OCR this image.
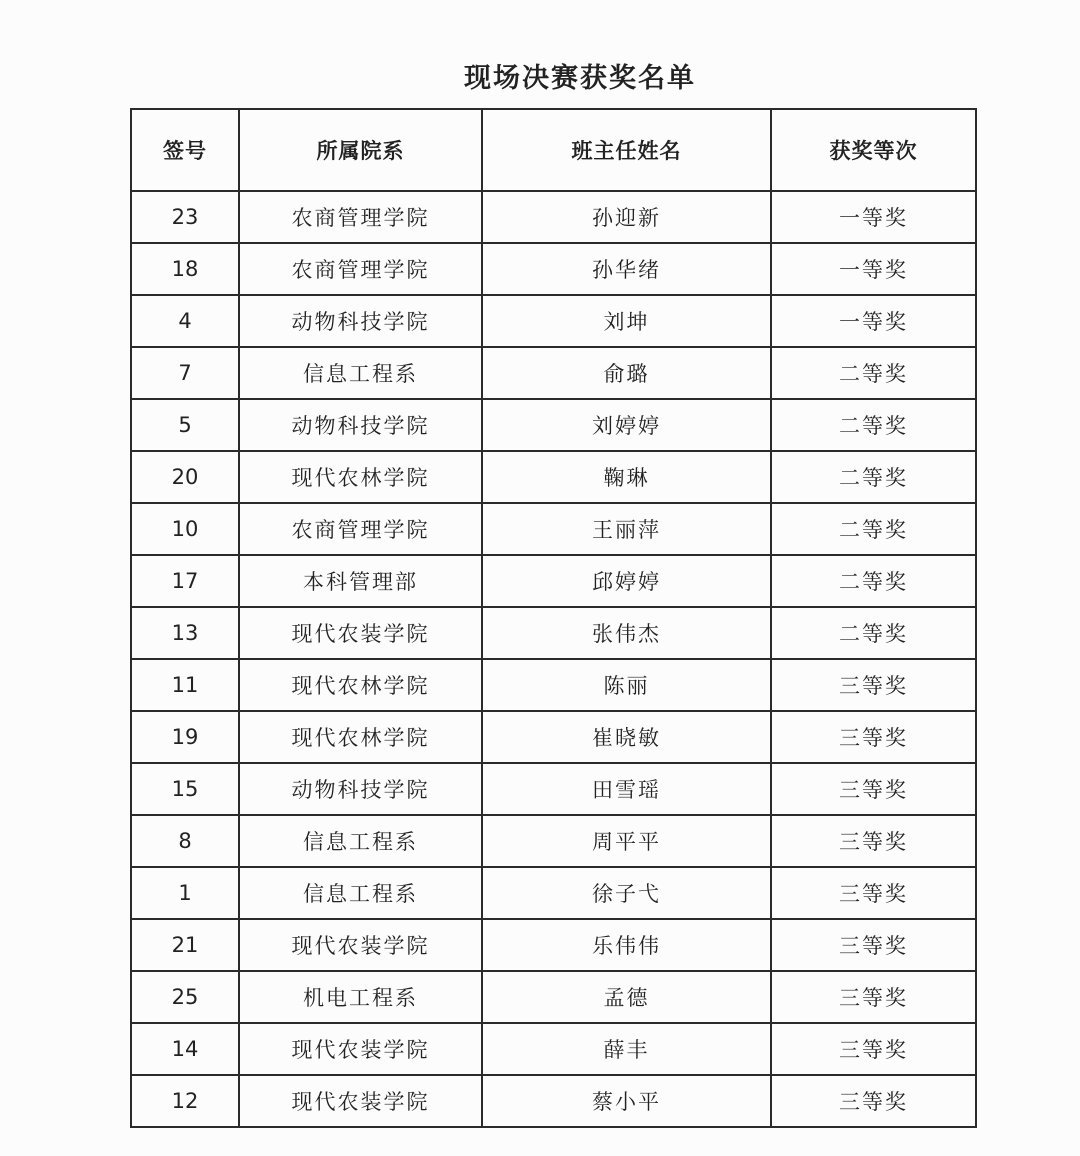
现场决赛获奖名单
签号	所属院系	班主任姓名	获奖等次
23	农商管理学院	孙迎新	一等奖
18	农商管理学院	孙华绪	一等奖
4	动物科技学院	刘坤	一等奖
7	信息工程系	俞璐	二等奖
5	动物科技学院	刘婷婷	二等奖
20	现代农林学院	鞠琳	二等奖
10	农商管理学院	王丽萍	二等奖
17	本科管理部	邱婷婷	二等奖
13	现代农装学院	张伟杰	二等奖
11	现代农林学院	陈丽	三等奖
19	现代农林学院	崔晓敏	三等奖
15	动物科技学院	田雪瑶	三等奖
8	信息工程系	周平平	三等奖
1	信息工程系	徐子弋	三等奖
21	现代农装学院	乐伟伟	三等奖
25	机电工程系	孟德	三等奖
14	现代农装学院	薛丰	三等奖
12	现代农装学院	蔡小平	三等奖
